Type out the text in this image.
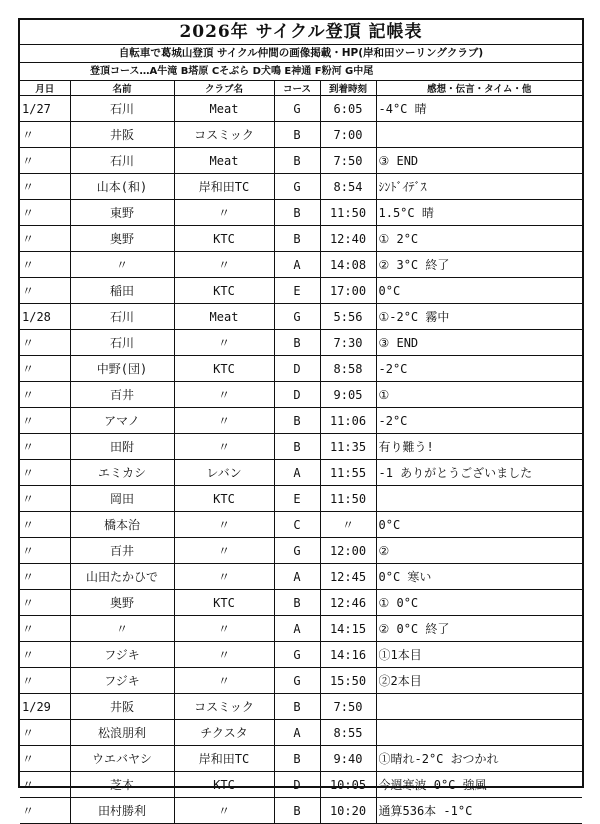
2026年 サイクル登頂 記帳表
自転車で葛城山登頂 サイクル仲間の画像掲載・HP(岸和田ツーリングクラブ)
登頂コース…A牛滝 B塔原 Cそぶら D犬鳴 E神通 F粉河 G中尾
月日	名前	クラブ名	コース	到着時刻	感想・伝言・タイム・他
1/27	石川	Meat	G	6:05	-4°C 晴
〃	井阪	コスミック	B	7:00	
〃	石川	Meat	B	7:50	③ END
〃	山本(和)	岸和田TC	G	8:54	ｼﾝﾄﾞｲﾃﾞｽ
〃	東野	〃	B	11:50	1.5°C 晴
〃	奥野	KTC	B	12:40	① 2°C
〃	〃	〃	A	14:08	② 3°C 終了
〃	稲田	KTC	E	17:00	0°C
1/28	石川	Meat	G	5:56	①-2°C 霧中
〃	石川	〃	B	7:30	③ END
〃	中野(団)	KTC	D	8:58	-2°C
〃	百井	〃	D	9:05	①
〃	アマノ	〃	B	11:06	-2°C
〃	田附	〃	B	11:35	有り難う!
〃	エミカシ	レバン	A	11:55	-1 ありがとうございました
〃	岡田	KTC	E	11:50	
〃	橋本治	〃	C	〃	0°C
〃	百井	〃	G	12:00	②
〃	山田たかひで	〃	A	12:45	0°C 寒い
〃	奥野	KTC	B	12:46	① 0°C
〃	〃	〃	A	14:15	② 0°C 終了
〃	フジキ	〃	G	14:16	①1本目
〃	フジキ	〃	G	15:50	②2本目
1/29	井阪	コスミック	B	7:50	
〃	松浪朋利	チクスタ	A	8:55	
〃	ウエバヤシ	岸和田TC	B	9:40	①晴れ-2°C おつかれ
〃	芝本	KTC	D	10:05	今週寒波 0°C 強風
〃	田村勝利	〃	B	10:20	通算536本 -1°C
